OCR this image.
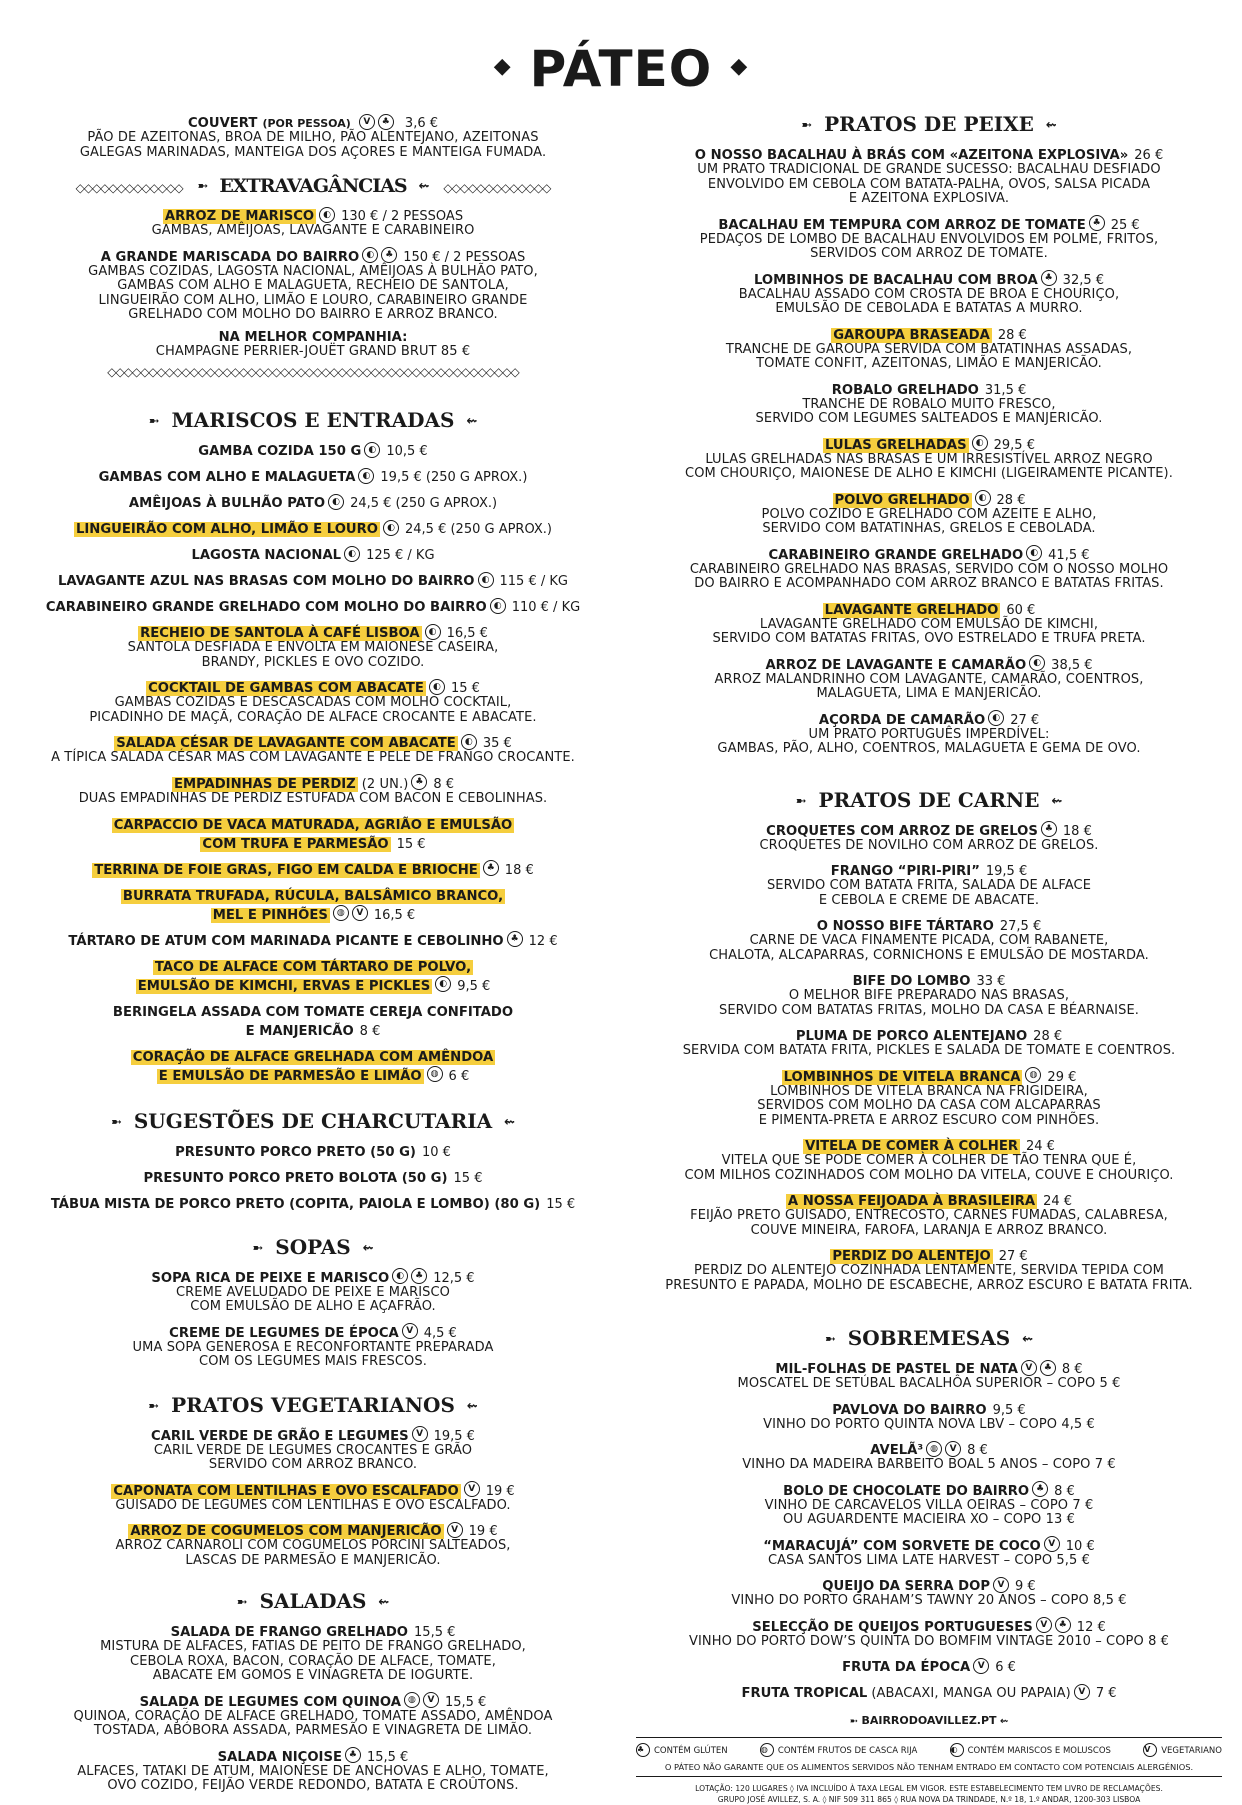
◆ PÁTEO ◆
COUVERT (POR PESSOA) V ♣ 3,6 €
PÃO DE AZEITONAS, BROA DE MILHO, PÃO ALENTEJANO, AZEITONAS
GALEGAS MARINADAS, MANTEIGA DOS AÇORES E MANTEIGA FUMADA.
◇◇◇◇◇◇◇◇◇◇◇◇◇ ➼ EXTRAVAGÂNCIAS ⇜ ◇◇◇◇◇◇◇◇◇◇◇◇◇
ARROZ DE MARISCO ◐ 130 € / 2 PESSOAS
GAMBAS, AMÊIJOAS, LAVAGANTE E CARABINEIRO
A GRANDE MARISCADA DO BAIRRO ◐ ♣ 150 € / 2 PESSOAS
GAMBAS COZIDAS, LAGOSTA NACIONAL, AMÊIJOAS À BULHÃO PATO,
GAMBAS COM ALHO E MALAGUETA, RECHEIO DE SANTOLA,
LINGUEIRÃO COM ALHO, LIMÃO E LOURO, CARABINEIRO GRANDE
GRELHADO COM MOLHO DO BAIRRO E ARROZ BRANCO.
NA MELHOR COMPANHIA:
CHAMPAGNE PERRIER-JOUËT GRAND BRUT 85 €
◇◇◇◇◇◇◇◇◇◇◇◇◇◇◇◇◇◇◇◇◇◇◇◇◇◇◇◇◇◇◇◇◇◇◇◇◇◇◇◇◇◇◇◇◇◇◇◇◇◇
➼ MARISCOS E ENTRADAS ⇜
GAMBA COZIDA 150 G ◐ 10,5 €
GAMBAS COM ALHO E MALAGUETA ◐ 19,5 € (250 G APROX.)
AMÊIJOAS À BULHÃO PATO ◐ 24,5 € (250 G APROX.)
LINGUEIRÃO COM ALHO, LIMÃO E LOURO ◐ 24,5 € (250 G APROX.)
LAGOSTA NACIONAL ◐ 125 € / KG
LAVAGANTE AZUL NAS BRASAS COM MOLHO DO BAIRRO ◐ 115 € / KG
CARABINEIRO GRANDE GRELHADO COM MOLHO DO BAIRRO ◐ 110 € / KG
RECHEIO DE SANTOLA À CAFÉ LISBOA ◐ 16,5 €
SANTOLA DESFIADA E ENVOLTA EM MAIONESE CASEIRA,
BRANDY, PICKLES E OVO COZIDO.
COCKTAIL DE GAMBAS COM ABACATE ◐ 15 €
GAMBAS COZIDAS E DESCASCADAS COM MOLHO COCKTAIL,
PICADINHO DE MAÇÃ, CORAÇÃO DE ALFACE CROCANTE E ABACATE.
SALADA CÉSAR DE LAVAGANTE COM ABACATE ◐ 35 €
A TÍPICA SALADA CÉSAR MAS COM LAVAGANTE E PELE DE FRANGO CROCANTE.
EMPADINHAS DE PERDIZ (2 UN.) ♣ 8 €
DUAS EMPADINHAS DE PERDIZ ESTUFADA COM BACON E CEBOLINHAS.
CARPACCIO DE VACA MATURADA, AGRIÃO E EMULSÃO
COM TRUFA E PARMESÃO 15 €
TERRINA DE FOIE GRAS, FIGO EM CALDA E BRIOCHE ♣ 18 €
BURRATA TRUFADA, RÚCULA, BALSÂMICO BRANCO,
MEL E PINHÕES ◍ V 16,5 €
TÁRTARO DE ATUM COM MARINADA PICANTE E CEBOLINHO ♣ 12 €
TACO DE ALFACE COM TÁRTARO DE POLVO,
EMULSÃO DE KIMCHI, ERVAS E PICKLES ◐ 9,5 €
BERINGELA ASSADA COM TOMATE CEREJA CONFITADO
E MANJERICÃO 8 €
CORAÇÃO DE ALFACE GRELHADA COM AMÊNDOA
E EMULSÃO DE PARMESÃO E LIMÃO ◍ 6 €
➼ SUGESTÕES DE CHARCUTARIA ⇜
PRESUNTO PORCO PRETO (50 G) 10 €
PRESUNTO PORCO PRETO BOLOTA (50 G) 15 €
TÁBUA MISTA DE PORCO PRETO (COPITA, PAIOLA E LOMBO) (80 G) 15 €
➼ SOPAS ⇜
SOPA RICA DE PEIXE E MARISCO ◐ ♣ 12,5 €
CREME AVELUDADO DE PEIXE E MARISCO
COM EMULSÃO DE ALHO E AÇAFRÃO.
CREME DE LEGUMES DE ÉPOCA V 4,5 €
UMA SOPA GENEROSA E RECONFORTANTE PREPARADA
COM OS LEGUMES MAIS FRESCOS.
➼ PRATOS VEGETARIANOS ⇜
CARIL VERDE DE GRÃO E LEGUMES V 19,5 €
CARIL VERDE DE LEGUMES CROCANTES E GRÃO
SERVIDO COM ARROZ BRANCO.
CAPONATA COM LENTILHAS E OVO ESCALFADO V 19 €
GUISADO DE LEGUMES COM LENTILHAS E OVO ESCALFADO.
ARROZ DE COGUMELOS COM MANJERICÃO V 19 €
ARROZ CARNAROLI COM COGUMELOS PORCINI SALTEADOS,
LASCAS DE PARMESÃO E MANJERICÃO.
➼ SALADAS ⇜
SALADA DE FRANGO GRELHADO 15,5 €
MISTURA DE ALFACES, FATIAS DE PEITO DE FRANGO GRELHADO,
CEBOLA ROXA, BACON, CORAÇÃO DE ALFACE, TOMATE,
ABACATE EM GOMOS E VINAGRETA DE IOGURTE.
SALADA DE LEGUMES COM QUINOA ◍ V 15,5 €
QUINOA, CORAÇÃO DE ALFACE GRELHADO, TOMATE ASSADO, AMÊNDOA
TOSTADA, ABÓBORA ASSADA, PARMESÃO E VINAGRETA DE LIMÃO.
SALADA NIÇOISE ♣ 15,5 €
ALFACES, TATAKI DE ATUM, MAIONESE DE ANCHOVAS E ALHO, TOMATE,
OVO COZIDO, FEIJÃO VERDE REDONDO, BATATA E CROÛTONS.
➼ PRATOS DE PEIXE ⇜
O NOSSO BACALHAU À BRÁS COM «AZEITONA EXPLOSIVA» 26 €
UM PRATO TRADICIONAL DE GRANDE SUCESSO: BACALHAU DESFIADO
ENVOLVIDO EM CEBOLA COM BATATA-PALHA, OVOS, SALSA PICADA
E AZEITONA EXPLOSIVA.
BACALHAU EM TEMPURA COM ARROZ DE TOMATE ♣ 25 €
PEDAÇOS DE LOMBO DE BACALHAU ENVOLVIDOS EM POLME, FRITOS,
SERVIDOS COM ARROZ DE TOMATE.
LOMBINHOS DE BACALHAU COM BROA ♣ 32,5 €
BACALHAU ASSADO COM CROSTA DE BROA E CHOURIÇO,
EMULSÃO DE CEBOLADA E BATATAS A MURRO.
GAROUPA BRASEADA 28 €
TRANCHE DE GAROUPA SERVIDA COM BATATINHAS ASSADAS,
TOMATE CONFIT, AZEITONAS, LIMÃO E MANJERICÃO.
ROBALO GRELHADO 31,5 €
TRANCHE DE ROBALO MUITO FRESCO,
SERVIDO COM LEGUMES SALTEADOS E MANJERICÃO.
LULAS GRELHADAS ◐ 29,5 €
LULAS GRELHADAS NAS BRASAS E UM IRRESISTÍVEL ARROZ NEGRO
COM CHOURIÇO, MAIONESE DE ALHO E KIMCHI (LIGEIRAMENTE PICANTE).
POLVO GRELHADO ◐ 28 €
POLVO COZIDO E GRELHADO COM AZEITE E ALHO,
SERVIDO COM BATATINHAS, GRELOS E CEBOLADA.
CARABINEIRO GRANDE GRELHADO ◐ 41,5 €
CARABINEIRO GRELHADO NAS BRASAS, SERVIDO COM O NOSSO MOLHO
DO BAIRRO E ACOMPANHADO COM ARROZ BRANCO E BATATAS FRITAS.
LAVAGANTE GRELHADO 60 €
LAVAGANTE GRELHADO COM EMULSÃO DE KIMCHI,
SERVIDO COM BATATAS FRITAS, OVO ESTRELADO E TRUFA PRETA.
ARROZ DE LAVAGANTE E CAMARÃO ◐ 38,5 €
ARROZ MALANDRINHO COM LAVAGANTE, CAMARÃO, COENTROS,
MALAGUETA, LIMA E MANJERICÃO.
AÇORDA DE CAMARÃO ◐ 27 €
UM PRATO PORTUGUÊS IMPERDÍVEL:
GAMBAS, PÃO, ALHO, COENTROS, MALAGUETA E GEMA DE OVO.
➼ PRATOS DE CARNE ⇜
CROQUETES COM ARROZ DE GRELOS ♣ 18 €
CROQUETES DE NOVILHO COM ARROZ DE GRELOS.
FRANGO “PIRI-PIRI” 19,5 €
SERVIDO COM BATATA FRITA, SALADA DE ALFACE
E CEBOLA E CREME DE ABACATE.
O NOSSO BIFE TÁRTARO 27,5 €
CARNE DE VACA FINAMENTE PICADA, COM RABANETE,
CHALOTA, ALCAPARRAS, CORNICHONS E EMULSÃO DE MOSTARDA.
BIFE DO LOMBO 33 €
O MELHOR BIFE PREPARADO NAS BRASAS,
SERVIDO COM BATATAS FRITAS, MOLHO DA CASA E BÉARNAISE.
PLUMA DE PORCO ALENTEJANO 28 €
SERVIDA COM BATATA FRITA, PICKLES E SALADA DE TOMATE E COENTROS.
LOMBINHOS DE VITELA BRANCA ◍ 29 €
LOMBINHOS DE VITELA BRANCA NA FRIGIDEIRA,
SERVIDOS COM MOLHO DA CASA COM ALCAPARRAS
E PIMENTA-PRETA E ARROZ ESCURO COM PINHÕES.
VITELA DE COMER À COLHER 24 €
VITELA QUE SE PODE COMER À COLHER DE TÃO TENRA QUE É,
COM MILHOS COZINHADOS COM MOLHO DA VITELA, COUVE E CHOURIÇO.
A NOSSA FEIJOADA À BRASILEIRA 24 €
FEIJÃO PRETO GUISADO, ENTRECOSTO, CARNES FUMADAS, CALABRESA,
COUVE MINEIRA, FAROFA, LARANJA E ARROZ BRANCO.
PERDIZ DO ALENTEJO 27 €
PERDIZ DO ALENTEJO COZINHADA LENTAMENTE, SERVIDA TEPIDA COM
PRESUNTO E PAPADA, MOLHO DE ESCABECHE, ARROZ ESCURO E BATATA FRITA.
➼ SOBREMESAS ⇜
MIL-FOLHAS DE PASTEL DE NATA V ♣ 8 €
MOSCATEL DE SETÚBAL BACALHÔA SUPERIOR – COPO 5 €
PAVLOVA DO BAIRRO 9,5 €
VINHO DO PORTO QUINTA NOVA LBV – COPO 4,5 €
AVELÃ³ ◍ V 8 €
VINHO DA MADEIRA BARBEITO BOAL 5 ANOS – COPO 7 €
BOLO DE CHOCOLATE DO BAIRRO ♣ 8 €
VINHO DE CARCAVELOS VILLA OEIRAS – COPO 7 €
OU AGUARDENTE MACIEIRA XO – COPO 13 €
“MARACUJÁ” COM SORVETE DE COCO V 10 €
CASA SANTOS LIMA LATE HARVEST – COPO 5,5 €
QUEIJO DA SERRA DOP V 9 €
VINHO DO PORTO GRAHAM’S TAWNY 20 ANOS – COPO 8,5 €
SELECÇÃO DE QUEIJOS PORTUGUESES V ♣ 12 €
VINHO DO PORTO DOW’S QUINTA DO BOMFIM VINTAGE 2010 – COPO 8 €
FRUTA DA ÉPOCA V 6 €
FRUTA TROPICAL (ABACAXI, MANGA OU PAPAIA) V 7 €
➼ BAIRRODOAVILLEZ.PT ⇜
♣	CONTÉM GLÚTEN	◍	CONTÉM FRUTOS DE CASCA RIJA	◐	CONTÉM MARISCOS E MOLUSCOS	V	VEGETARIANO
O PÁTEO NÃO GARANTE QUE OS ALIMENTOS SERVIDOS NÃO TENHAM ENTRADO EM CONTACTO COM POTENCIAIS ALERGÉNIOS.
LOTAÇÃO: 120 LUGARES ◊ IVA INCLUÍDO À TAXA LEGAL EM VIGOR. ESTE ESTABELECIMENTO TEM LIVRO DE RECLAMAÇÕES.
GRUPO JOSÉ AVILLEZ, S. A. ◊ NIF 509 311 865 ◊ RUA NOVA DA TRINDADE, N.º 18, 1.º ANDAR, 1200-303 LISBOA
